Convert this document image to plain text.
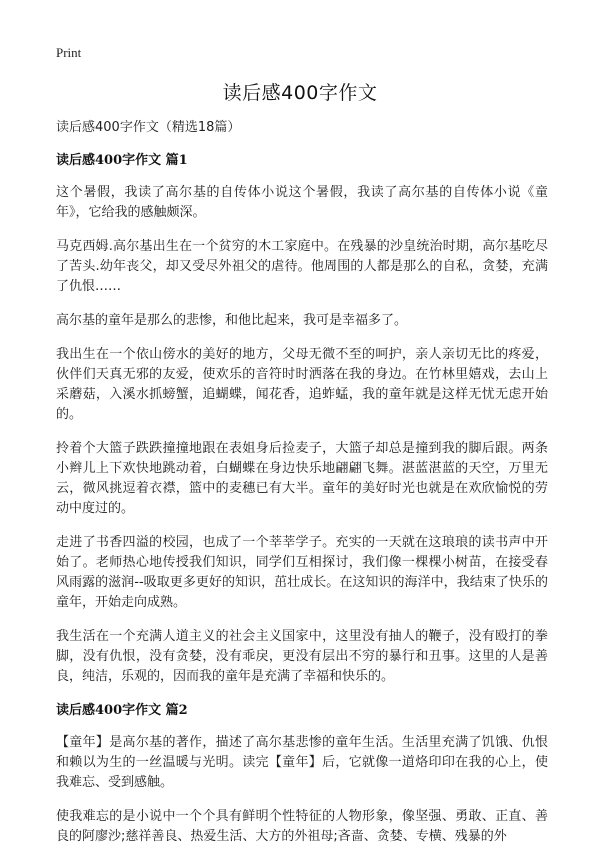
Print
读后感400字作文

读后感400字作文（精选18篇）

读后感400字作文 篇1

这个暑假，我读了高尔基的自传体小说这个暑假，我读了高尔基的自传体小说《童年》，它给我的感触颇深。

马克西姆.高尔基出生在一个贫穷的木工家庭中。在残暴的沙皇统治时期，高尔基吃尽了苦头.幼年丧父，却又受尽外祖父的虐待。他周围的人都是那么的自私，贪婪，充满了仇恨……

高尔基的童年是那么的悲惨，和他比起来，我可是幸福多了。

我出生在一个依山傍水的美好的地方，父母无微不至的呵护，亲人亲切无比的疼爱，伙伴们天真无邪的友爱，使欢乐的音符时时洒落在我的身边。在竹林里嬉戏，去山上采蘑菇，入溪水抓螃蟹，追蝴蝶，闻花香，追蚱蜢，我的童年就是这样无忧无虑开始的。

拎着个大篮子跌跌撞撞地跟在表姐身后捡麦子，大篮子却总是撞到我的脚后跟。两条小辫儿上下欢快地跳动着，白蝴蝶在身边快乐地翩翩飞舞。湛蓝湛蓝的天空，万里无云，微风挑逗着衣襟，篮中的麦穗已有大半。童年的美好时光也就是在欢欣愉悦的劳动中度过的。

走进了书香四溢的校园，也成了一个莘莘学子。充实的一天就在这琅琅的读书声中开始了。老师热心地传授我们知识，同学们互相探讨，我们像一棵棵小树苗，在接受春风雨露的滋润--吸取更多更好的知识，茁壮成长。在这知识的海洋中，我结束了快乐的童年，开始走向成熟。

我生活在一个充满人道主义的社会主义国家中，这里没有抽人的鞭子，没有殴打的拳脚，没有仇恨，没有贪婪，没有乖戾，更没有层出不穷的暴行和丑事。这里的人是善良，纯洁，乐观的，因而我的童年是充满了幸福和快乐的。

读后感400字作文 篇2

【童年】是高尔基的著作，描述了高尔基悲惨的童年生活。生活里充满了饥饿、仇恨和赖以为生的一丝温暖与光明。读完【童年】后，它就像一道烙印印在我的心上，使我难忘、受到感触。

使我难忘的是小说中一个个具有鲜明个性特征的人物形象，像坚强、勇敢、正直、善良的阿廖沙;慈祥善良、热爱生活、大方的外祖母;吝啬、贪婪、专横、残暴的外
